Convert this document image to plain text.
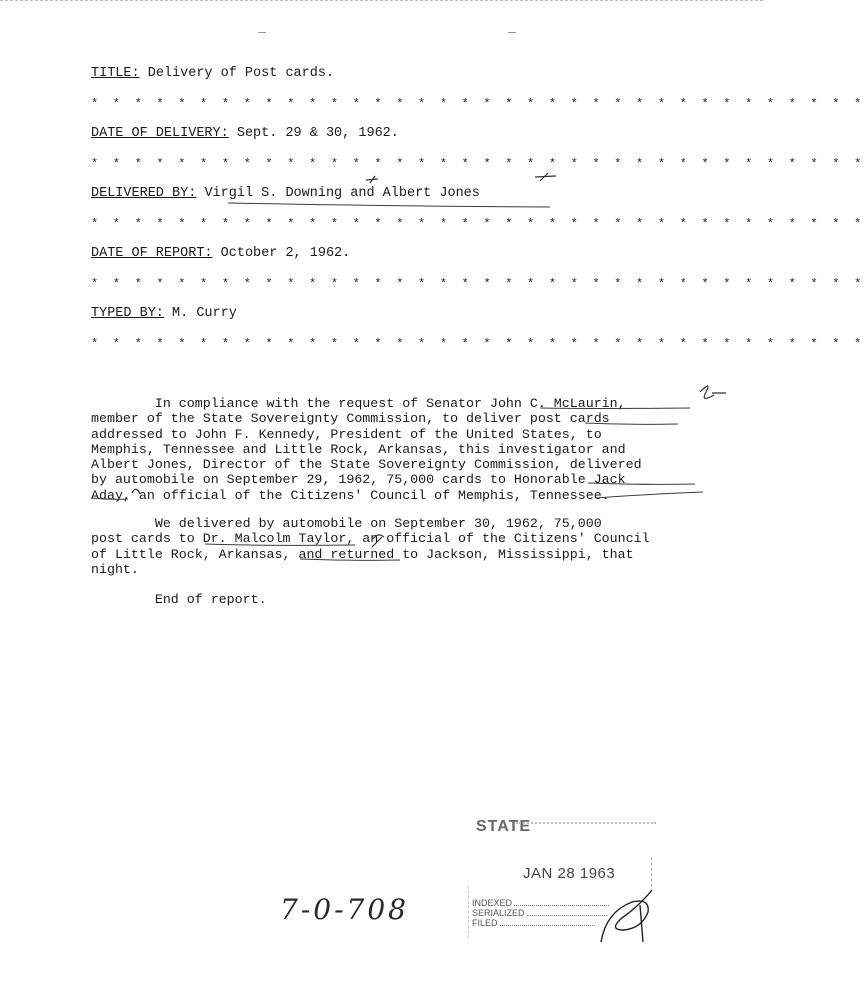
TITLE: Delivery of Post cards.
* * * * * * * * * * * * * * * * * * * * * * * * * * * * * * * * * * * *
DATE OF DELIVERY: Sept. 29 & 30, 1962.
* * * * * * * * * * * * * * * * * * * * * * * * * * * * * * * * * * * *
DELIVERED BY: Virgil S. Downing and Albert Jones
* * * * * * * * * * * * * * * * * * * * * * * * * * * * * * * * * * * *
DATE OF REPORT: October 2, 1962.
* * * * * * * * * * * * * * * * * * * * * * * * * * * * * * * * * * * *
TYPED BY: M. Curry
* * * * * * * * * * * * * * * * * * * * * * * * * * * * * * * * * * * *
In compliance with the request of Senator John C. McLaurin,
member of the State Sovereignty Commission, to deliver post cards
addressed to John F. Kennedy, President of the United States, to
Memphis, Tennessee and Little Rock, Arkansas, this investigator and
Albert Jones, Director of the State Sovereignty Commission, delivered
by automobile on September 29, 1962, 75,000 cards to Honorable Jack
Aday, an official of the Citizens' Council of Memphis, Tennessee.
We delivered by automobile on September 30, 1962, 75,000
post cards to Dr. Malcolm Taylor, an official of the Citizens' Council
of Little Rock, Arkansas, and returned to Jackson, Mississippi, that
night.
End of report.
STATE
JAN 28 1963
INDEXED
SERIALIZED
FILED
7-0-708
